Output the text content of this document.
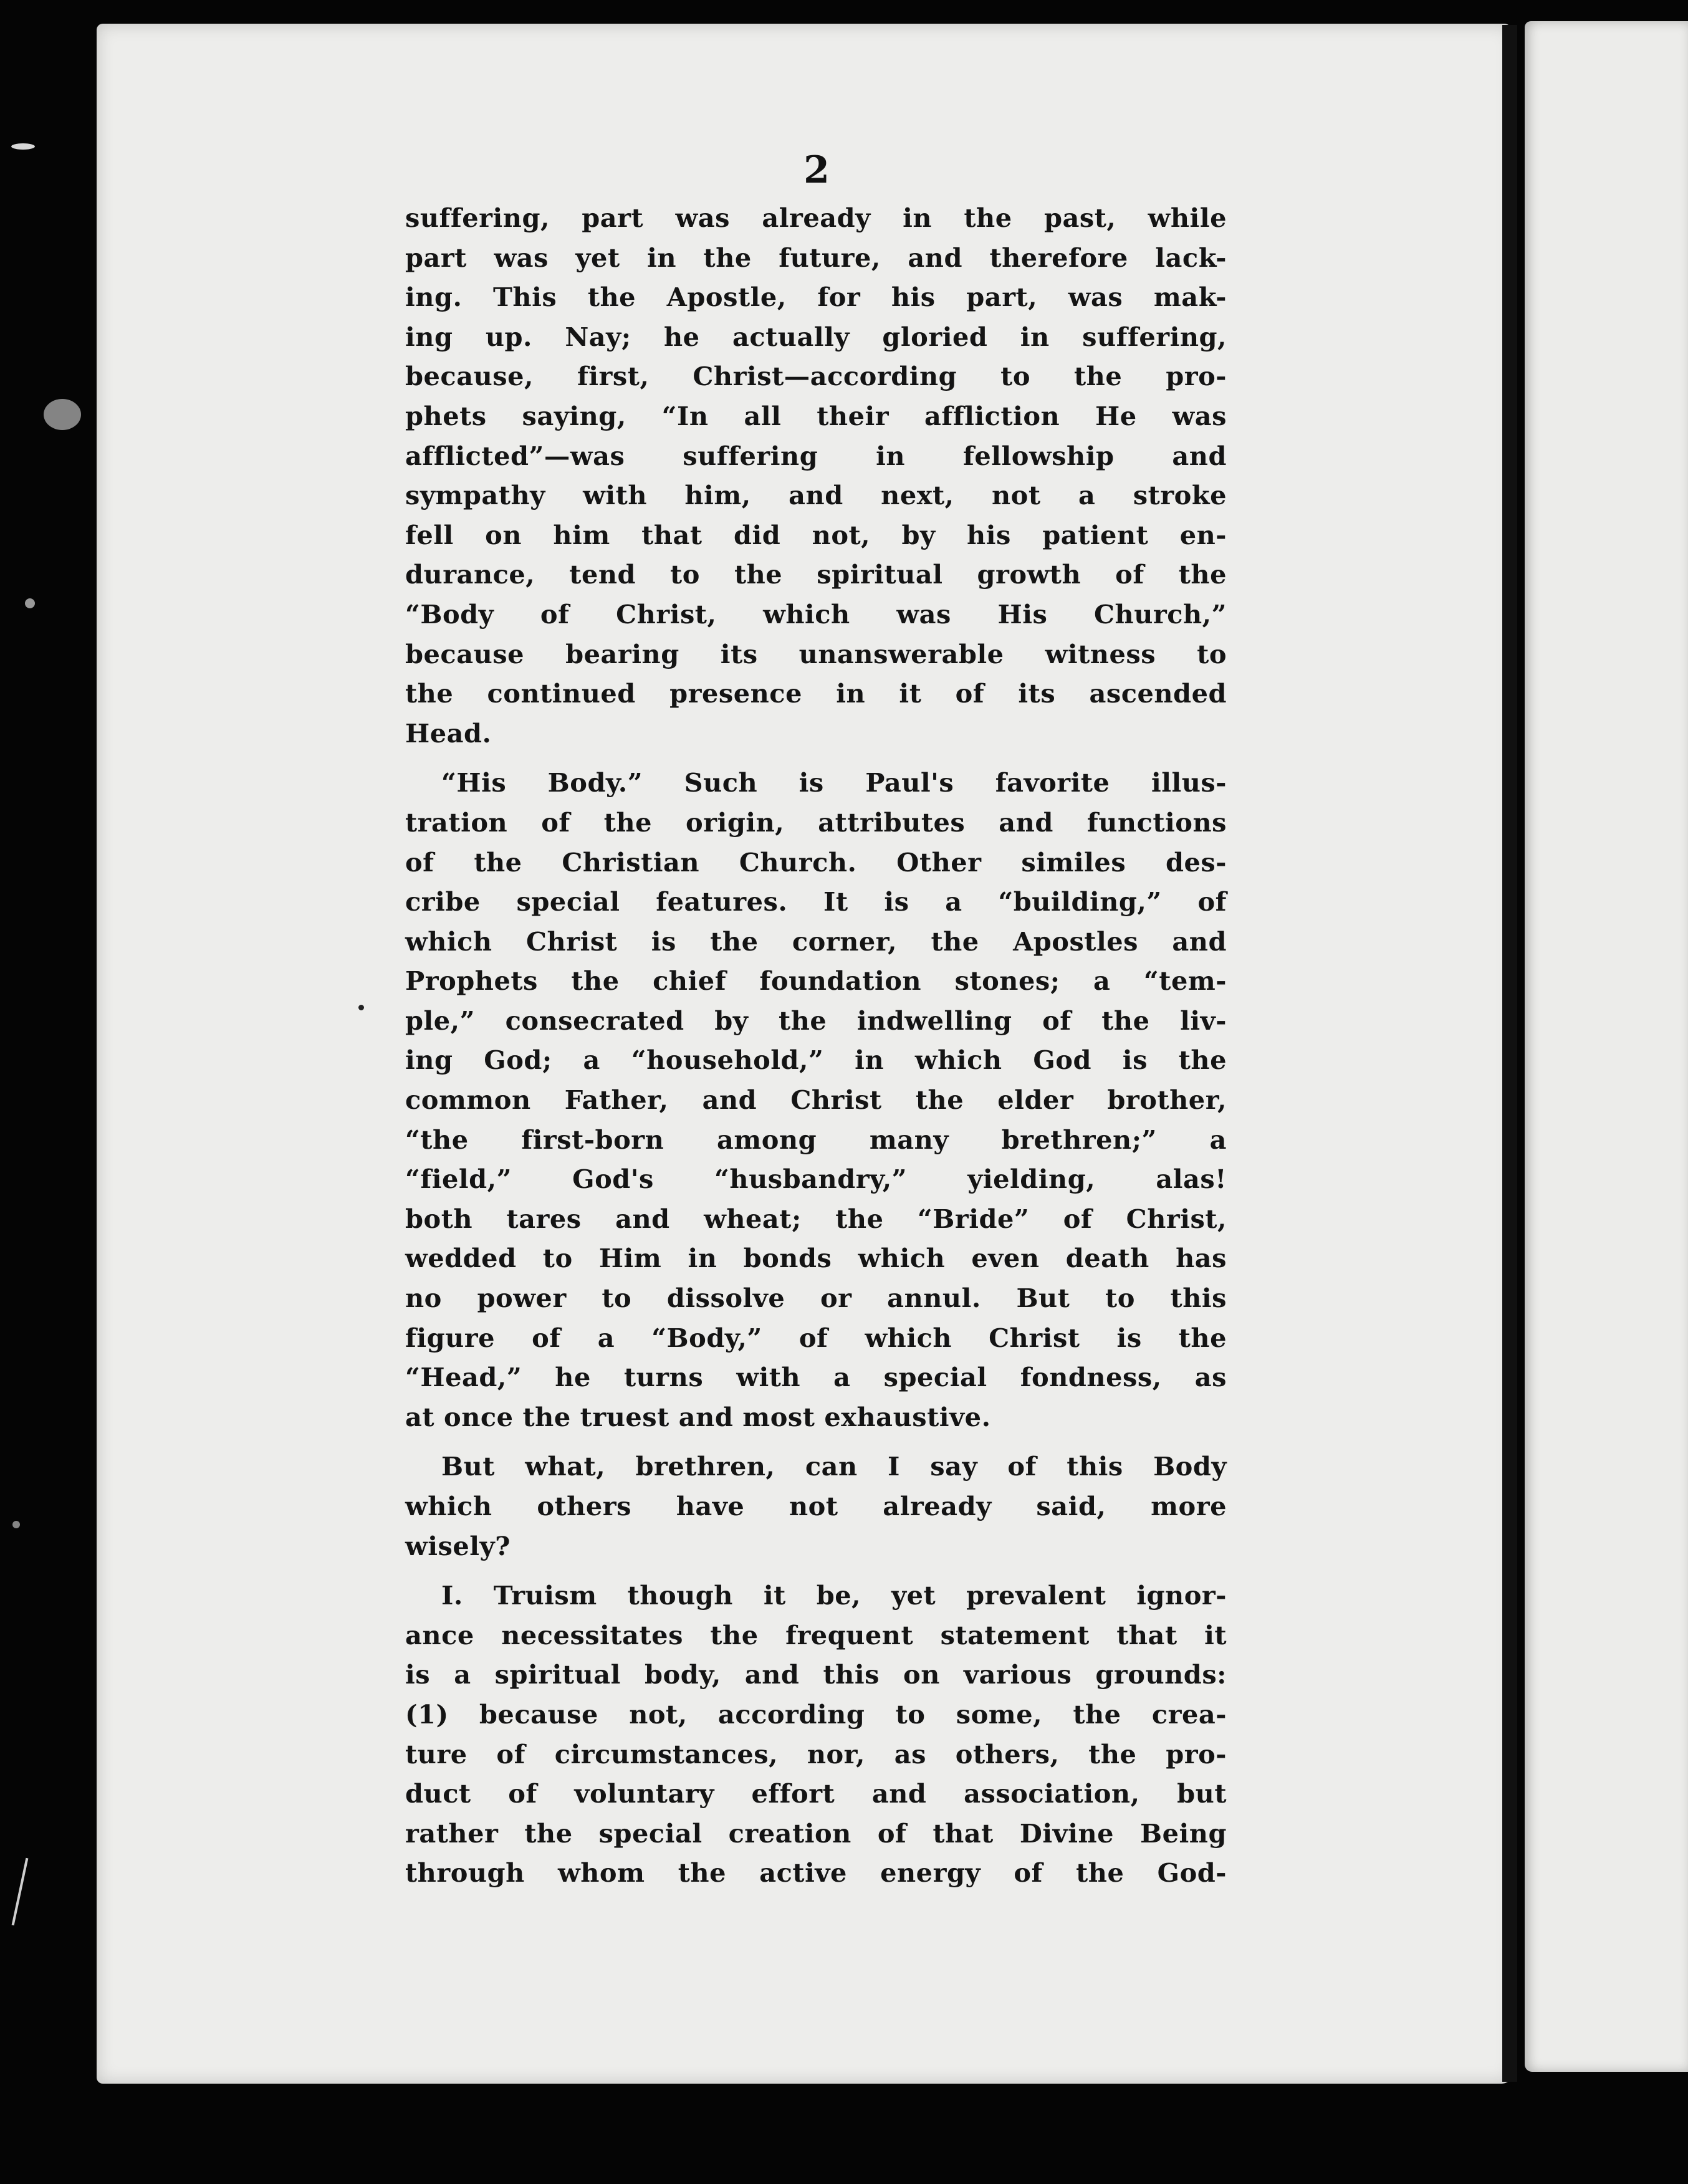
2
suffering, part was already in the past, while
part was yet in the future, and therefore lack-
ing. This the Apostle, for his part, was mak-
ing up. Nay; he actually gloried in suffering,
because, first, Christ—according to the pro-
phets saying, “In all their affliction He was
afflicted”—was suffering in fellowship and
sympathy with him, and next, not a stroke
fell on him that did not, by his patient en-
durance, tend to the spiritual growth of the
“Body of Christ, which was His Church,”
because bearing its unanswerable witness to
the continued presence in it of its ascended
Head.
“His Body.” Such is Paul's favorite illus-
tration of the origin, attributes and functions
of the Christian Church. Other similes des-
cribe special features. It is a “building,” of
which Christ is the corner, the Apostles and
Prophets the chief foundation stones; a “tem-
ple,” consecrated by the indwelling of the liv-
ing God; a “household,” in which God is the
common Father, and Christ the elder brother,
“the first-born among many brethren;” a
“field,” God's “husbandry,” yielding, alas!
both tares and wheat; the “Bride” of Christ,
wedded to Him in bonds which even death has
no power to dissolve or annul. But to this
figure of a “Body,” of which Christ is the
“Head,” he turns with a special fondness, as
at once the truest and most exhaustive.
But what, brethren, can I say of this Body
which others have not already said, more
wisely?
I. Truism though it be, yet prevalent ignor-
ance necessitates the frequent statement that it
is a spiritual body, and this on various grounds:
(1) because not, according to some, the crea-
ture of circumstances, nor, as others, the pro-
duct of voluntary effort and association, but
rather the special creation of that Divine Being
through whom the active energy of the God-
